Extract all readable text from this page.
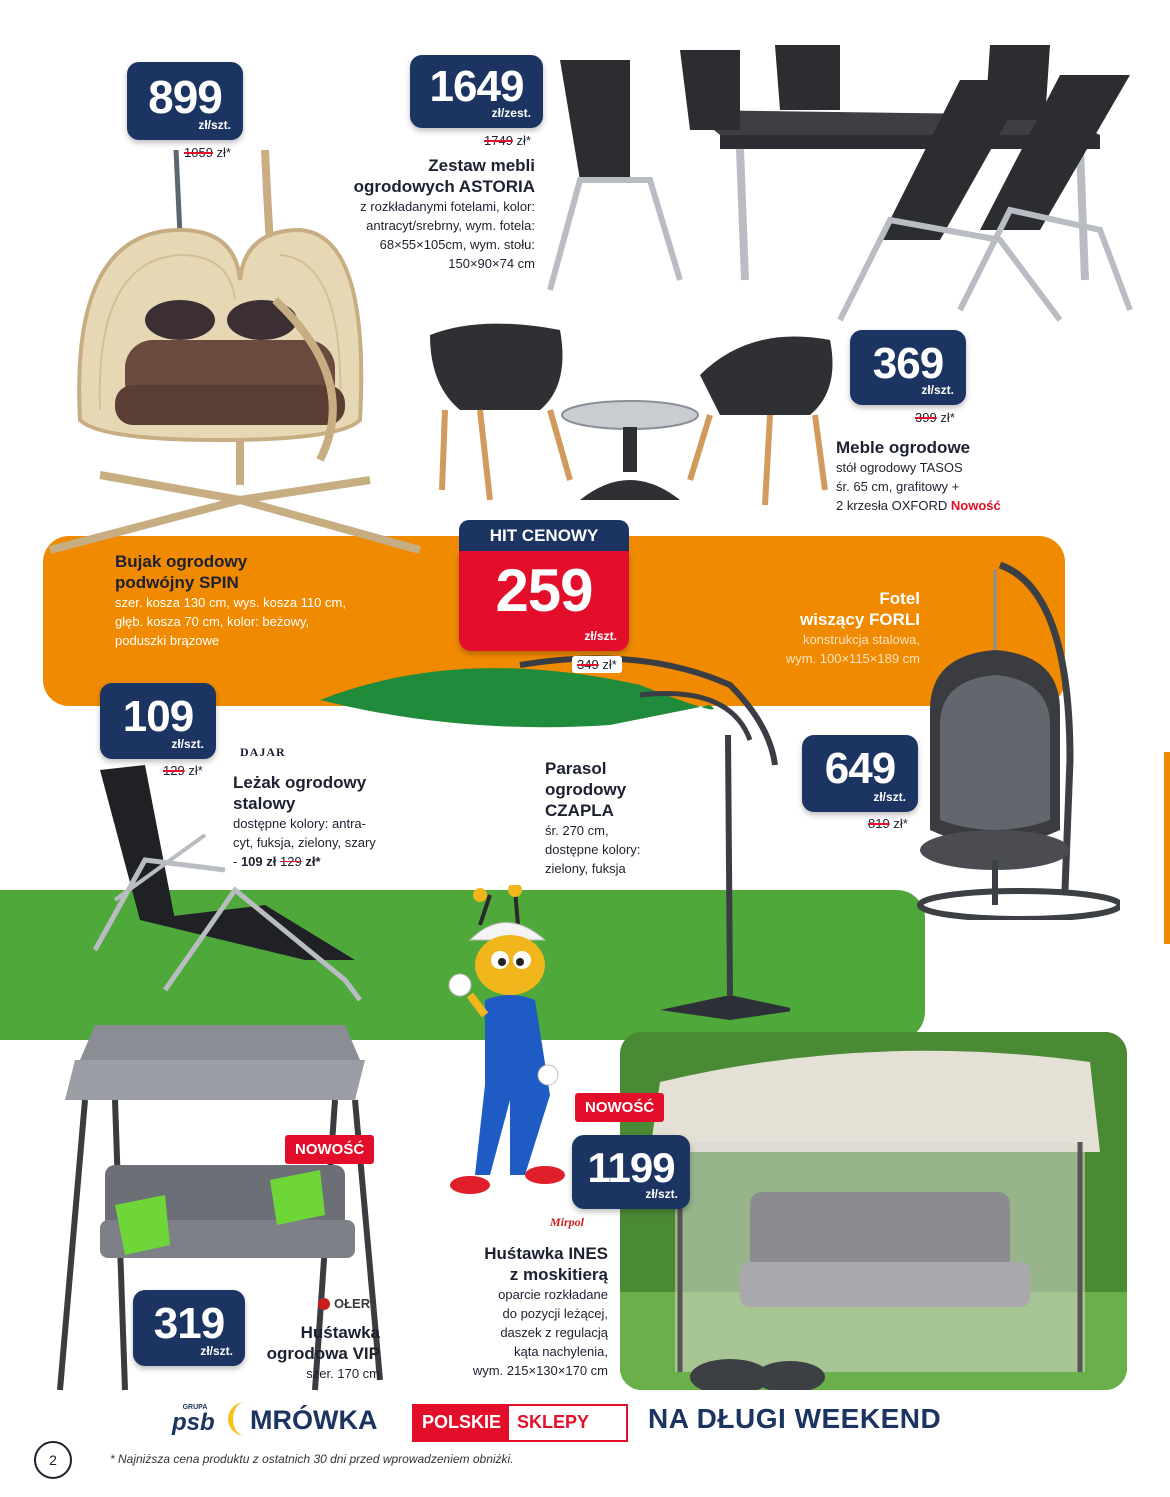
899
zł/szt.
1059 zł*
Bujak ogrodowy
podwójny SPIN
szer. kosza 130 cm, wys. kosza 110 cm,
głęb. kosza 70 cm, kolor: beżowy,
poduszki brązowe
1649
zł/zest.
1749 zł*
Zestaw mebli
ogrodowych ASTORIA
z rozkładanymi fotelami, kolor:
antracyt/srebrny, wym. fotela:
68×55×105cm, wym. stołu:
150×90×74 cm
369
zł/szt.
399 zł*
Meble ogrodowe
stół ogrodowy TASOS
śr. 65 cm, grafitowy +
2 krzesła OXFORD Nowość
HIT CENOWY
259
zł/szt.
349 zł*
Parasol
ogrodowy
CZAPLA
śr. 270 cm,
dostępne kolory:
zielony, fuksja
Fotel
wiszący FORLI
konstrukcja stalowa,
wym. 100×115×189 cm
649
zł/szt.
819 zł*
109
zł/szt.
129 zł*
DAJAR
Leżak ogrodowy
stalowy
dostępne kolory: antra-
cyt, fuksja, zielony, szary
- 109 zł 129 zł*
NOWOŚĆ
319
zł/szt.
OŁER
Huśtawka
ogrodowa VIP
szer. 170 cm
NOWOŚĆ
1199
zł/szt.
Mirpol
Huśtawka INES
z moskitierą
oparcie rozkładane
do pozycji leżącej,
daszek z regulacją
kąta nachylenia,
wym. 215×130×170 cm
GRUPA
psb MRÓWKA	POLSKIE SKLEPY NA DŁUGI WEEKEND
2	* Najniższa cena produktu z ostatnich 30 dni przed wprowadzeniem obniżki.
